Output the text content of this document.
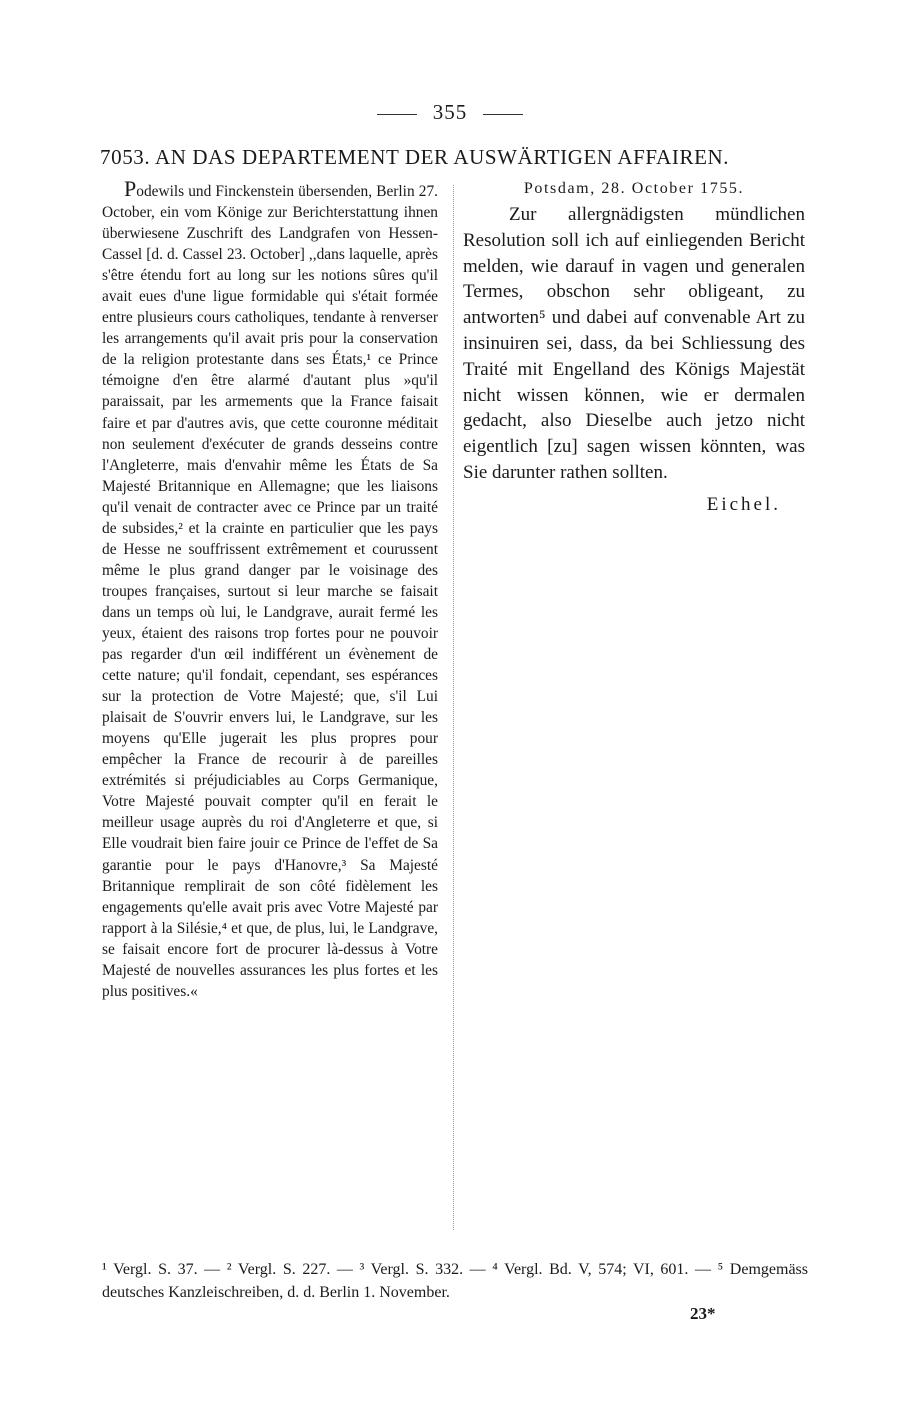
355
7053. AN DAS DEPARTEMENT DER AUSWÄRTIGEN AFFAIREN.

Podewils und Finckenstein übersenden, Berlin 27. October, ein vom Könige zur Berichterstattung ihnen überwiesene Zuschrift des Landgrafen von Hessen-Cassel [d. d. Cassel 23. October] ,,dans laquelle, après s'être étendu fort au long sur les notions sûres qu'il avait eues d'une ligue formidable qui s'était formée entre plusieurs cours catholiques, tendante à renverser les arrangements qu'il avait pris pour la conservation de la religion protestante dans ses États,¹ ce Prince témoigne d'en être alarmé d'autant plus »qu'il paraissait, par les armements que la France faisait faire et par d'autres avis, que cette couronne méditait non seulement d'exécuter de grands desseins contre l'Angleterre, mais d'envahir même les États de Sa Majesté Britannique en Allemagne; que les liaisons qu'il venait de contracter avec ce Prince par un traité de subsides,² et la crainte en particulier que les pays de Hesse ne souffrissent extrêmement et courussent même le plus grand danger par le voisinage des troupes françaises, surtout si leur marche se faisait dans un temps où lui, le Landgrave, aurait fermé les yeux, étaient des raisons trop fortes pour ne pouvoir pas regarder d'un œil indifférent un évènement de cette nature; qu'il fondait, cependant, ses espérances sur la protection de Votre Majesté; que, s'il Lui plaisait de S'ouvrir envers lui, le Landgrave, sur les moyens qu'Elle jugerait les plus propres pour empêcher la France de recourir à de pareilles extrémités si préjudiciables au Corps Germanique, Votre Majesté pouvait compter qu'il en ferait le meilleur usage auprès du roi d'Angleterre et que, si Elle voudrait bien faire jouir ce Prince de l'effet de Sa garantie pour le pays d'Hanovre,³ Sa Majesté Britannique remplirait de son côté fidèlement les engagements qu'elle avait pris avec Votre Majesté par rapport à la Silésie,⁴ et que, de plus, lui, le Landgrave, se faisait encore fort de procurer là-dessus à Votre Majesté de nouvelles assurances les plus fortes et les plus positives.«

Potsdam, 28. October 1755.

Zur allergnädigsten mündlichen Resolution soll ich auf einliegenden Bericht melden, wie darauf in vagen und generalen Termes, obschon sehr obligeant, zu antworten⁵ und dabei auf convenable Art zu insinuiren sei, dass, da bei Schliessung des Traité mit Engelland des Königs Majestät nicht wissen können, wie er dermalen gedacht, also Dieselbe auch jetzo nicht eigentlich [zu] sagen wissen könnten, was Sie darunter rathen sollten.

Eichel.

¹ Vergl. S. 37. — ² Vergl. S. 227. — ³ Vergl. S. 332. — ⁴ Vergl. Bd. V, 574; VI, 601. — ⁵ Demgemäss deutsches Kanzleischreiben, d. d. Berlin 1. November.
23*
